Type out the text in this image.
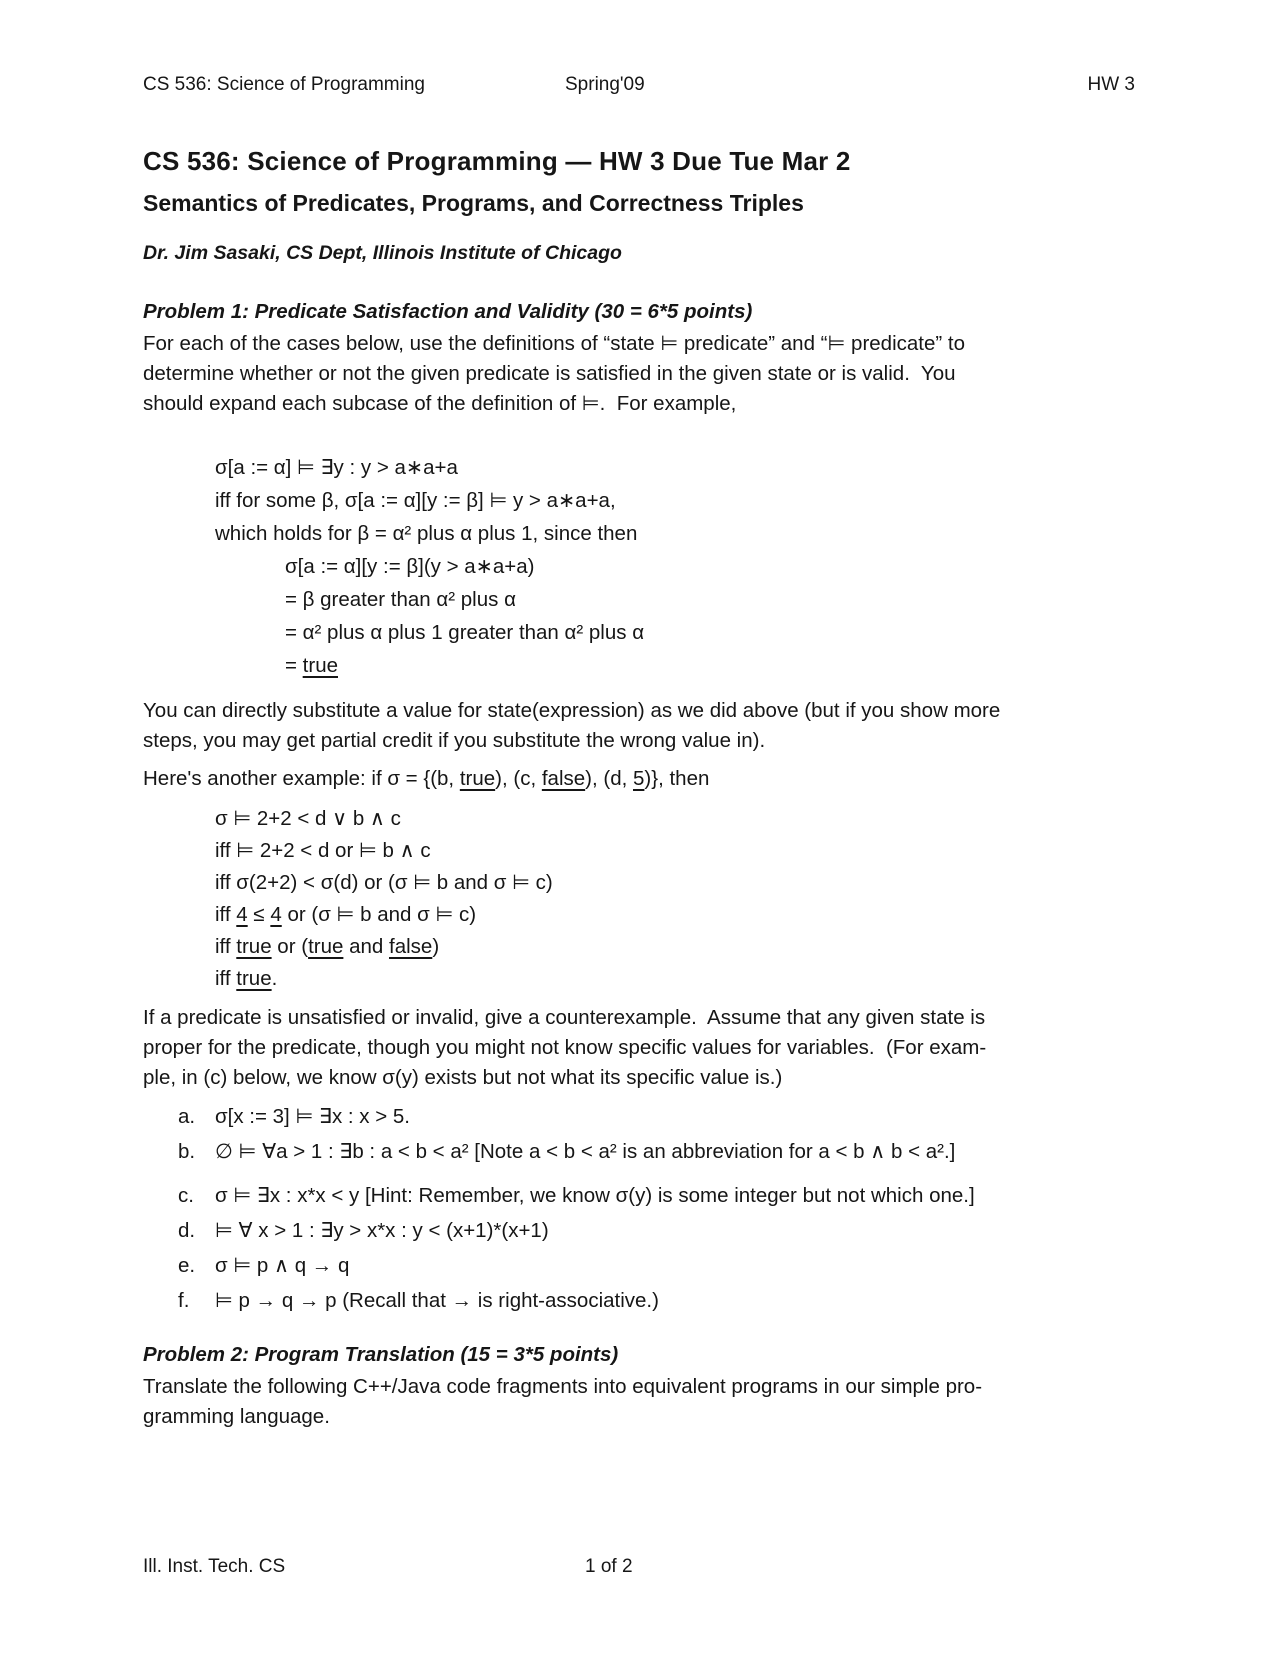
CS 536: Science of Programming	Spring'09	HW 3
CS 536: Science of Programming — HW 3 Due Tue Mar 2
Semantics of Predicates, Programs, and Correctness Triples
Dr. Jim Sasaki, CS Dept, Illinois Institute of Chicago
Problem 1: Predicate Satisfaction and Validity (30 = 6*5 points)
For each of the cases below, use the definitions of “state ⊨ predicate” and “⊨ predicate” to
determine whether or not the given predicate is satisfied in the given state or is valid.  You
should expand each subcase of the definition of ⊨.  For example,
σ[a := α] ⊨ ∃y : y > a∗a+a
iff for some β, σ[a := α][y := β] ⊨ y > a∗a+a,
which holds for β = α² plus α plus 1, since then
σ[a := α][y := β](y > a∗a+a)
= β greater than α² plus α
= α² plus α plus 1 greater than α² plus α
= true
You can directly substitute a value for state(expression) as we did above (but if you show more
steps, you may get partial credit if you substitute the wrong value in).
Here's another example: if σ = {(b, true), (c, false), (d, 5)}, then
σ ⊨ 2+2 < d ∨ b ∧ c
iff ⊨ 2+2 < d or ⊨ b ∧ c
iff σ(2+2) < σ(d) or (σ ⊨ b and σ ⊨ c)
iff 4 ≤ 4 or (σ ⊨ b and σ ⊨ c)
iff true or (true and false)
iff true.
If a predicate is unsatisfied or invalid, give a counterexample.  Assume that any given state is
proper for the predicate, though you might not know specific values for variables.  (For exam-
ple, in (c) below, we know σ(y) exists but not what its specific value is.)
a. σ[x := 3] ⊨ ∃x : x > 5.
b. ∅ ⊨ ∀a > 1 : ∃b : a < b < a² [Note a < b < a² is an abbreviation for a < b ∧ b < a².]
c.	σ ⊨ ∃x : x*x < y [Hint: Remember, we know σ(y) is some integer but not which one.]
d. ⊨ ∀ x > 1 : ∃y > x*x : y < (x+1)*(x+1)
e. σ ⊨ p ∧ q → q
f.	⊨ p → q → p (Recall that → is right-associative.)
Problem 2: Program Translation (15 = 3*5 points)
Translate the following C++/Java code fragments into equivalent programs in our simple pro-
gramming language.
Ill. Inst. Tech. CS	1 of 2
